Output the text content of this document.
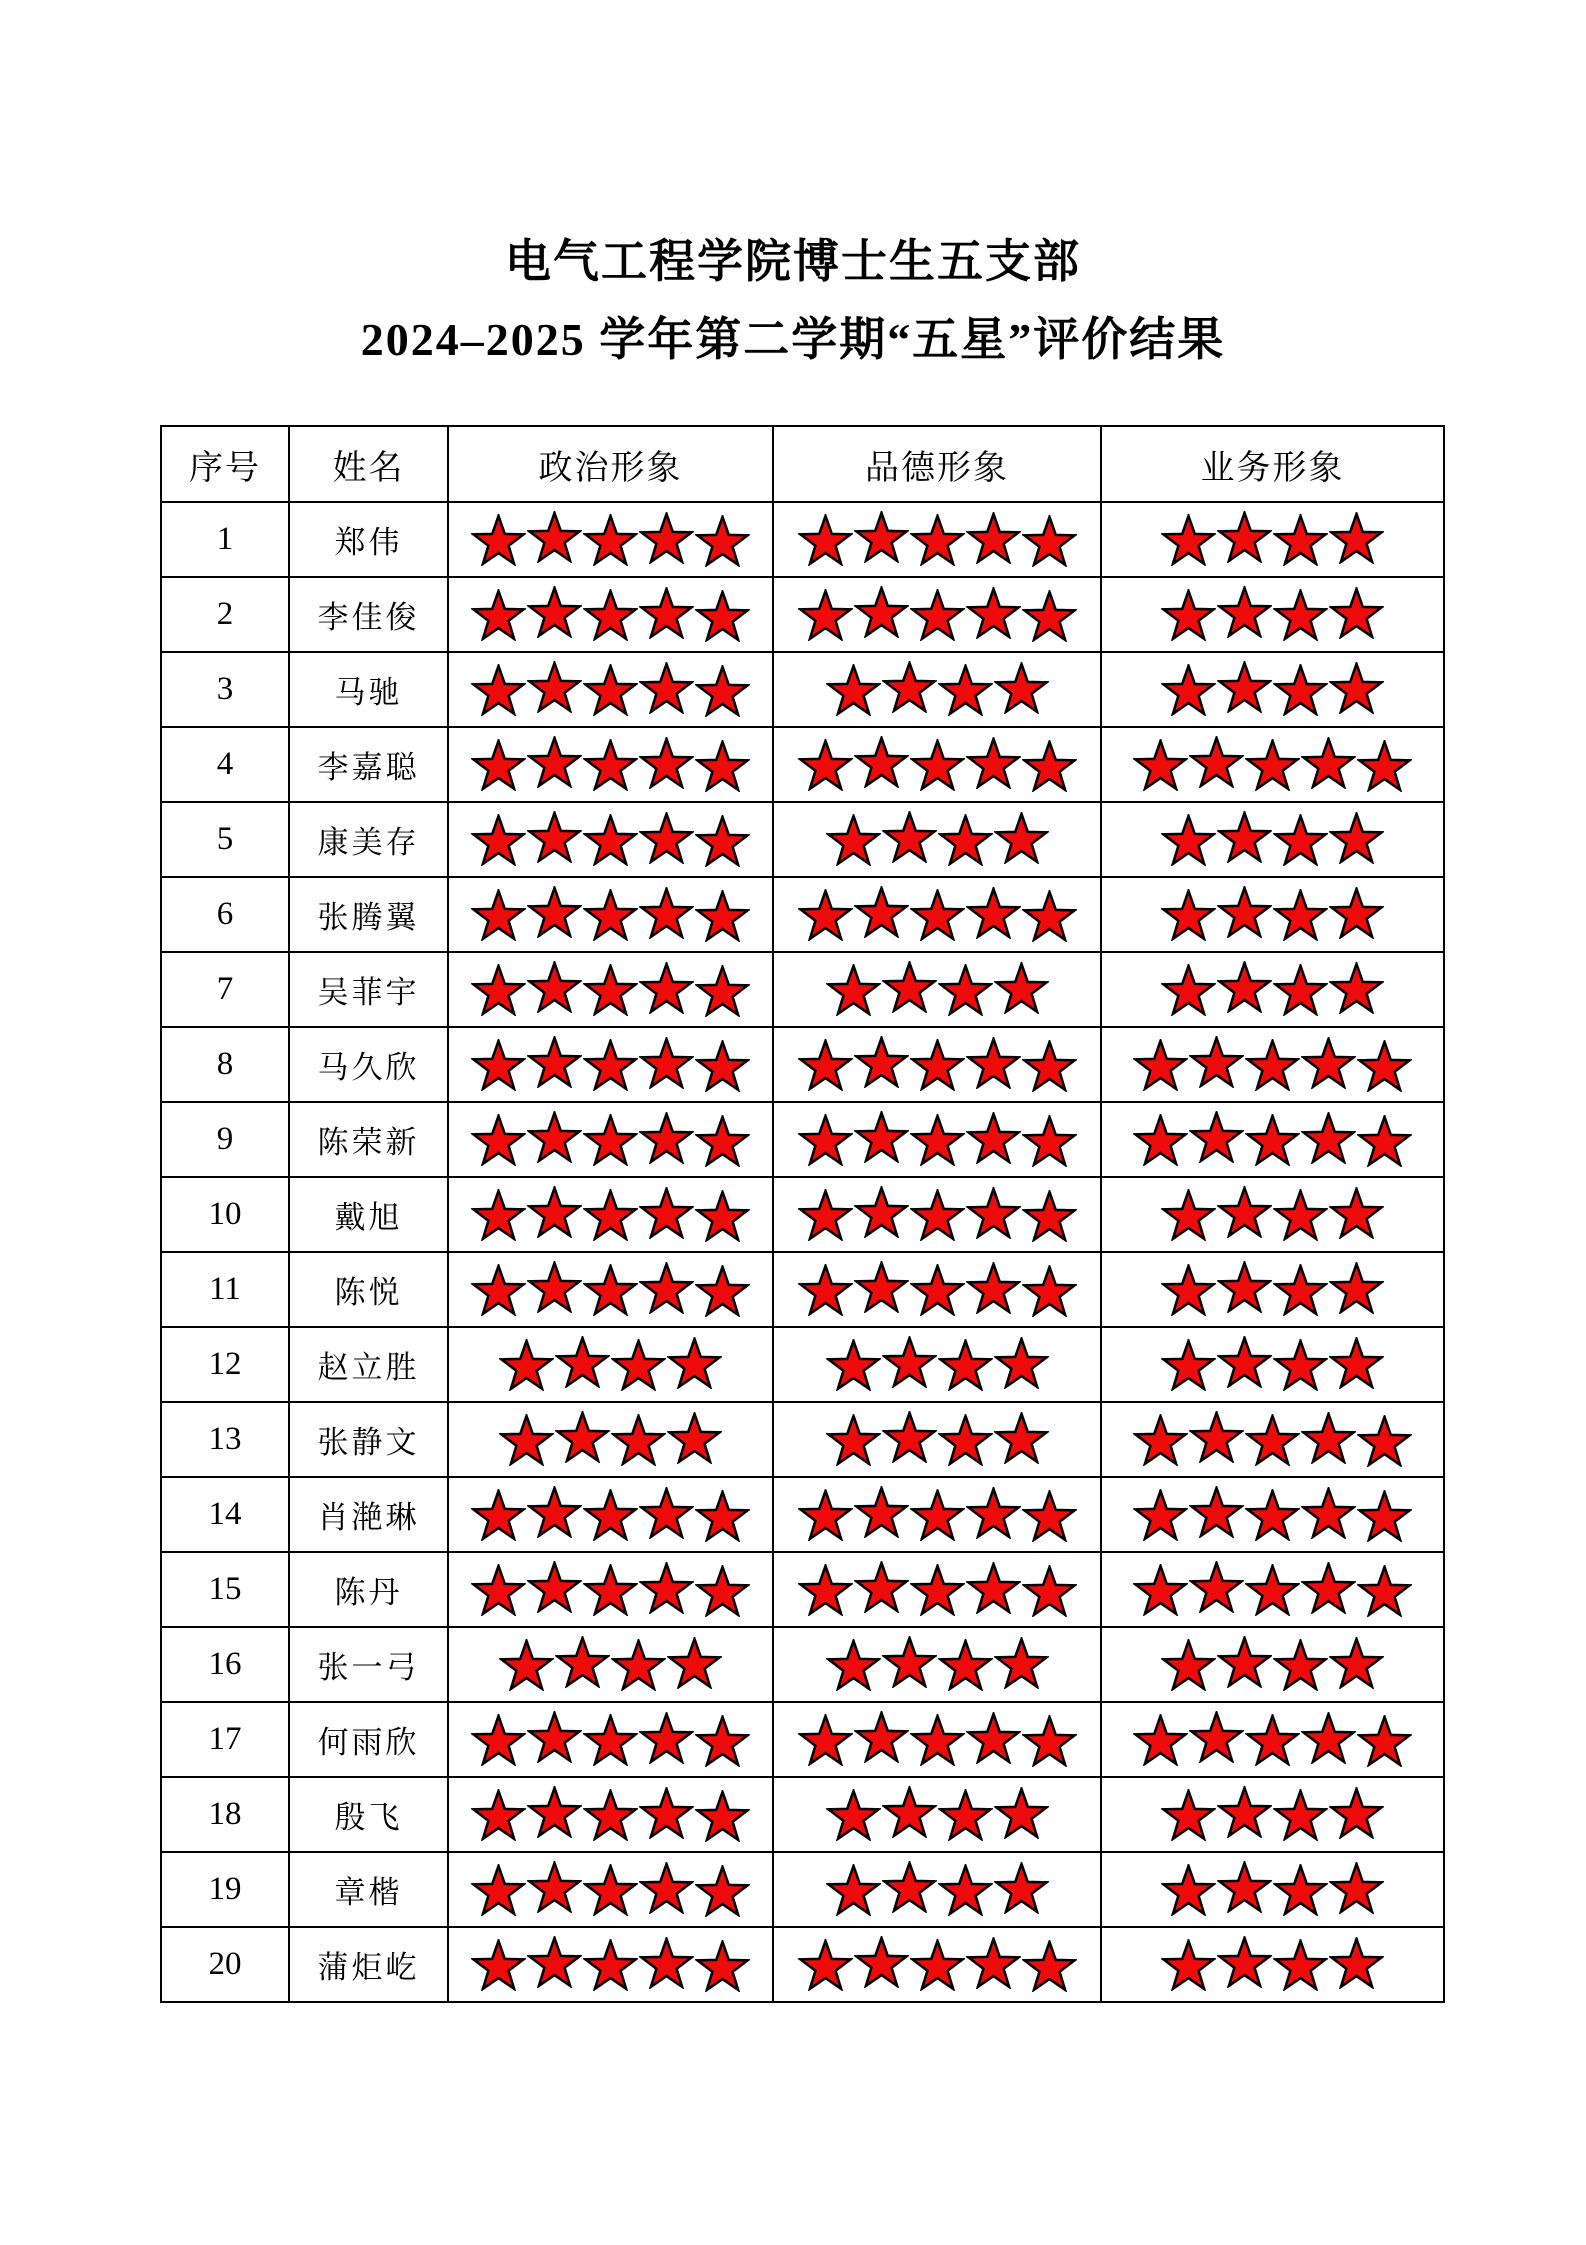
电气工程学院博士生五支部
2024–2025 学年第二学期“五星”评价结果
序号	姓名	政治形象	品德形象	业务形象
1	郑伟	

2	李佳俊	

3	马驰	

4	李嘉聪	

5	康美存	

6	张腾翼	

7	吴菲宇	

8	马久欣	

9	陈荣新	

10	戴旭	

11	陈悦	

12	赵立胜	

13	张静文	

14	肖滟琳	

15	陈丹	

16	张一弓	

17	何雨欣	

18	殷飞	

19	章楷	

20	蒲炬屹	
